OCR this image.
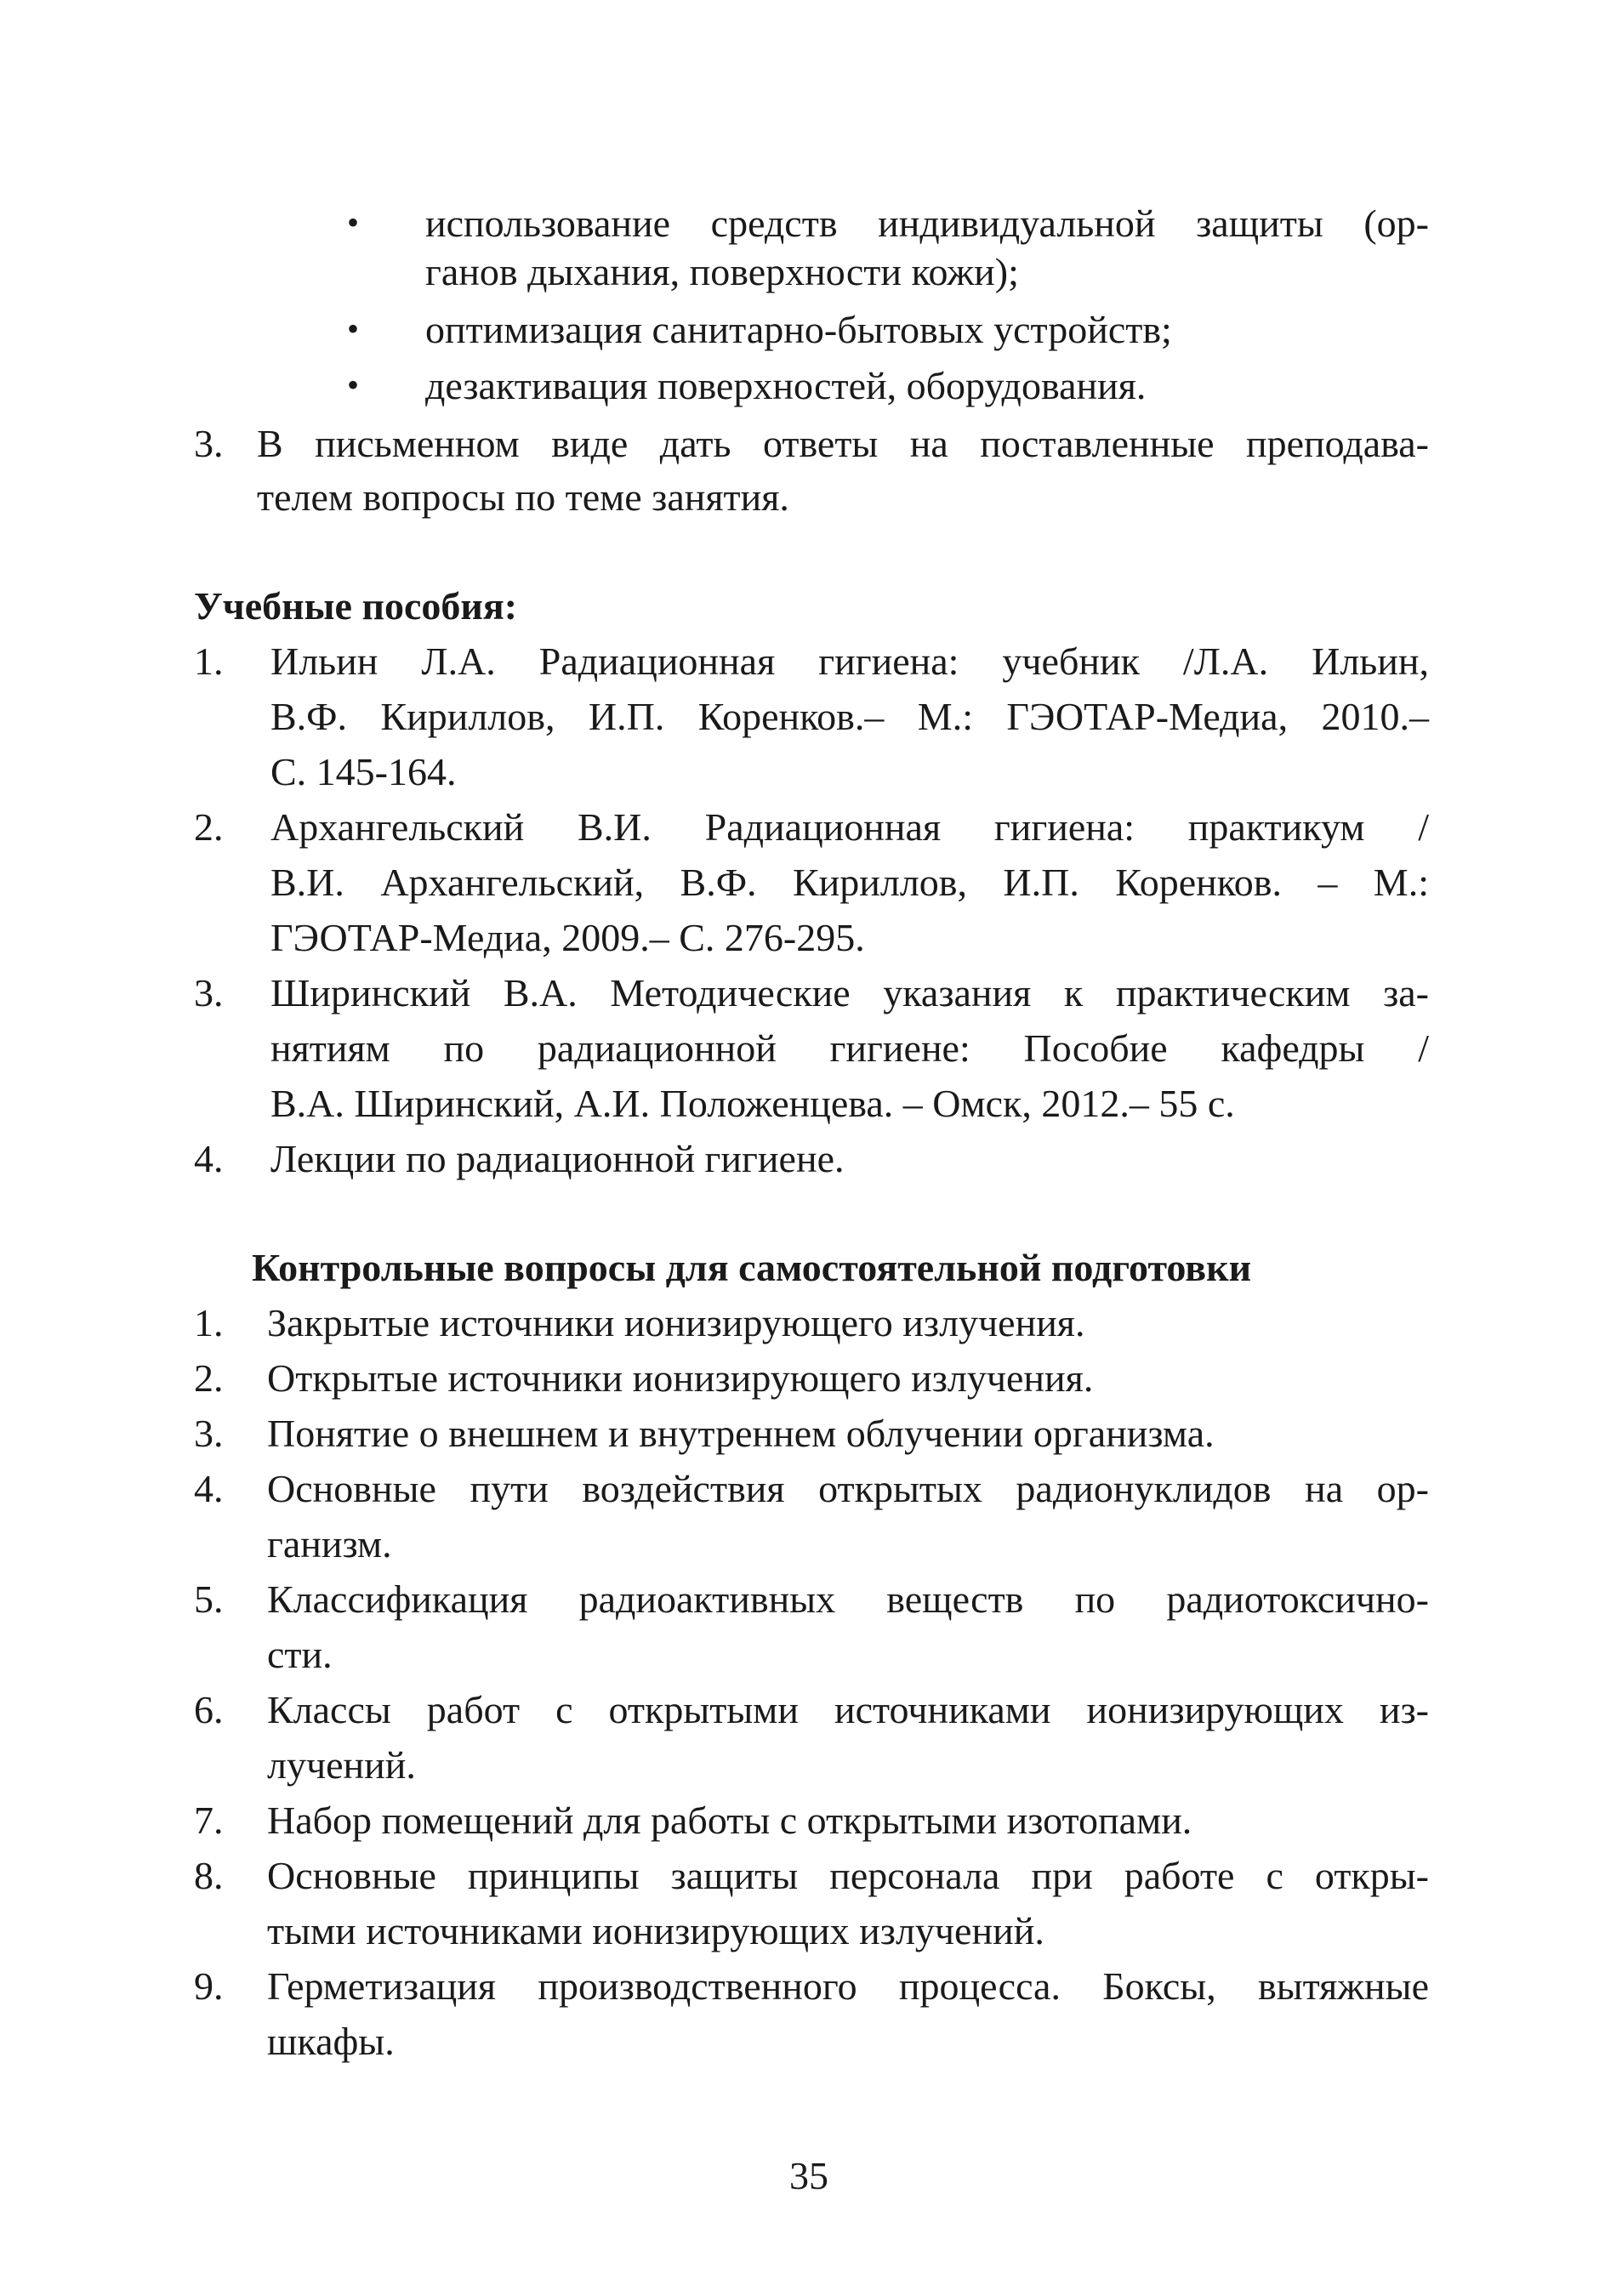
• использование средств индивидуальной защиты (ор-
ганов дыхания, поверхности кожи);
• оптимизация санитарно-бытовых устройств;
• дезактивация поверхностей, оборудования.
3. В письменном виде дать ответы на поставленные преподава-
телем вопросы по теме занятия.
Учебные пособия:
1. Ильин Л.А. Радиационная гигиена: учебник /Л.А. Ильин,
В.Ф. Кириллов, И.П. Коренков.– М.: ГЭОТАР-Медиа, 2010.–
С. 145-164.
2. Архангельский В.И. Радиационная гигиена: практикум /
В.И. Архангельский, В.Ф. Кириллов, И.П. Коренков. – М.:
ГЭОТАР-Медиа, 2009.– С. 276-295.
3. Ширинский В.А. Методические указания к практическим за-
нятиям по радиационной гигиене: Пособие кафедры /
В.А. Ширинский, А.И. Положенцева. – Омск, 2012.– 55 с.
4. Лекции по радиационной гигиене.
Контрольные вопросы для самостоятельной подготовки
1. Закрытые источники ионизирующего излучения.
2. Открытые источники ионизирующего излучения.
3. Понятие о внешнем и внутреннем облучении организма.
4. Основные пути воздействия открытых радионуклидов на ор-
ганизм.
5. Классификация радиоактивных веществ по радиотоксично-
сти.
6. Классы работ с открытыми источниками ионизирующих из-
лучений.
7. Набор помещений для работы с открытыми изотопами.
8. Основные принципы защиты персонала при работе с откры-
тыми источниками ионизирующих излучений.
9. Герметизация производственного процесса. Боксы, вытяжные
шкафы.
35
